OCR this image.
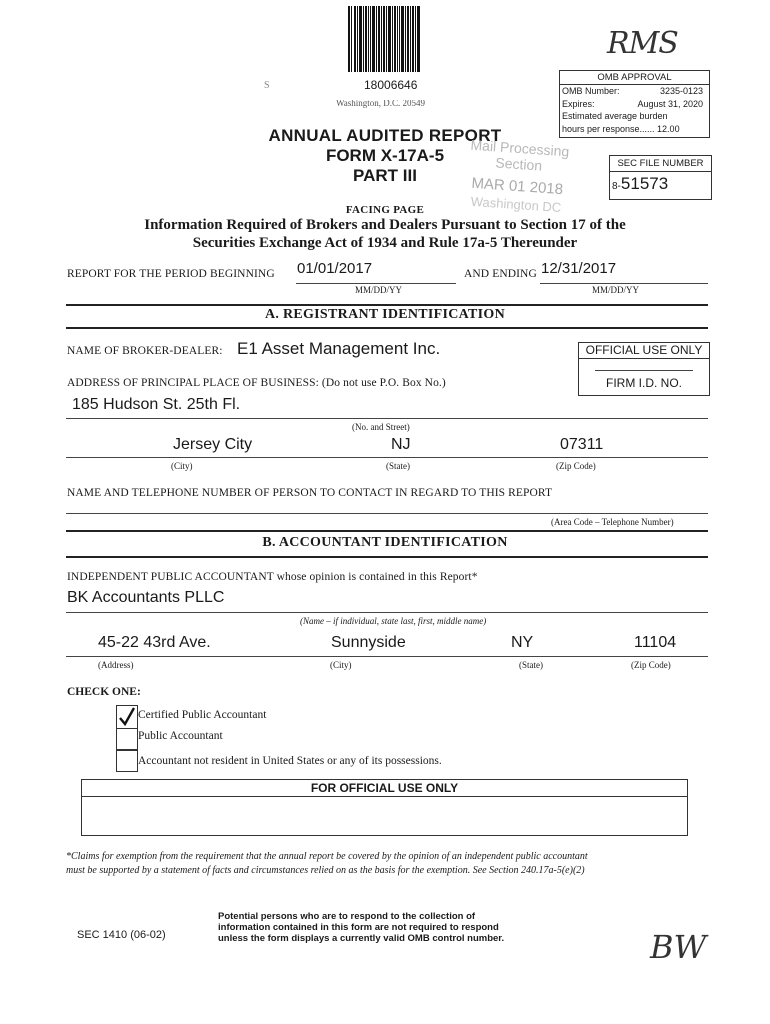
18006646
S
Washington, D.C. 20549
RMS
OMB APPROVAL
OMB Number:	3235-0123
Expires:	August 31, 2020
Estimated average burden
hours per response...... 12.00
ANNUAL AUDITED REPORT
FORM X-17A-5
PART III
Mail Processing
Section
MAR 01 2018
Washington DC
SEC FILE NUMBER
8-51573
FACING PAGE
Information Required of Brokers and Dealers Pursuant to Section 17 of the
Securities Exchange Act of 1934 and Rule 17a-5 Thereunder
REPORT FOR THE PERIOD BEGINNING 01/01/2017	AND ENDING 12/31/2017
MM/DD/YY	MM/DD/YY
A. REGISTRANT IDENTIFICATION
NAME OF BROKER-DEALER: E1 Asset Management Inc.	OFFICIAL USE ONLY
FIRM I.D. NO.
ADDRESS OF PRINCIPAL PLACE OF BUSINESS: (Do not use P.O. Box No.)
185 Hudson St. 25th Fl.
(No. and Street)
Jersey City	NJ	07311
(City)	(State)	(Zip Code)
NAME AND TELEPHONE NUMBER OF PERSON TO CONTACT IN REGARD TO THIS REPORT
(Area Code – Telephone Number)
B. ACCOUNTANT IDENTIFICATION
INDEPENDENT PUBLIC ACCOUNTANT whose opinion is contained in this Report*
BK Accountants PLLC
(Name – if individual, state last, first, middle name)
45-22 43rd Ave.	Sunnyside	NY	11104
(Address)	(City)	(State)	(Zip Code)
CHECK ONE:
Certified Public Accountant
Public Accountant
Accountant not resident in United States or any of its possessions.
FOR OFFICIAL USE ONLY
*Claims for exemption from the requirement that the annual report be covered by the opinion of an independent public accountant
must be supported by a statement of facts and circumstances relied on as the basis for the exemption. See Section 240.17a-5(e)(2)
SEC 1410 (06-02)
Potential persons who are to respond to the collection of
information contained in this form are not required to respond
unless the form displays a currently valid OMB control number.	BW
